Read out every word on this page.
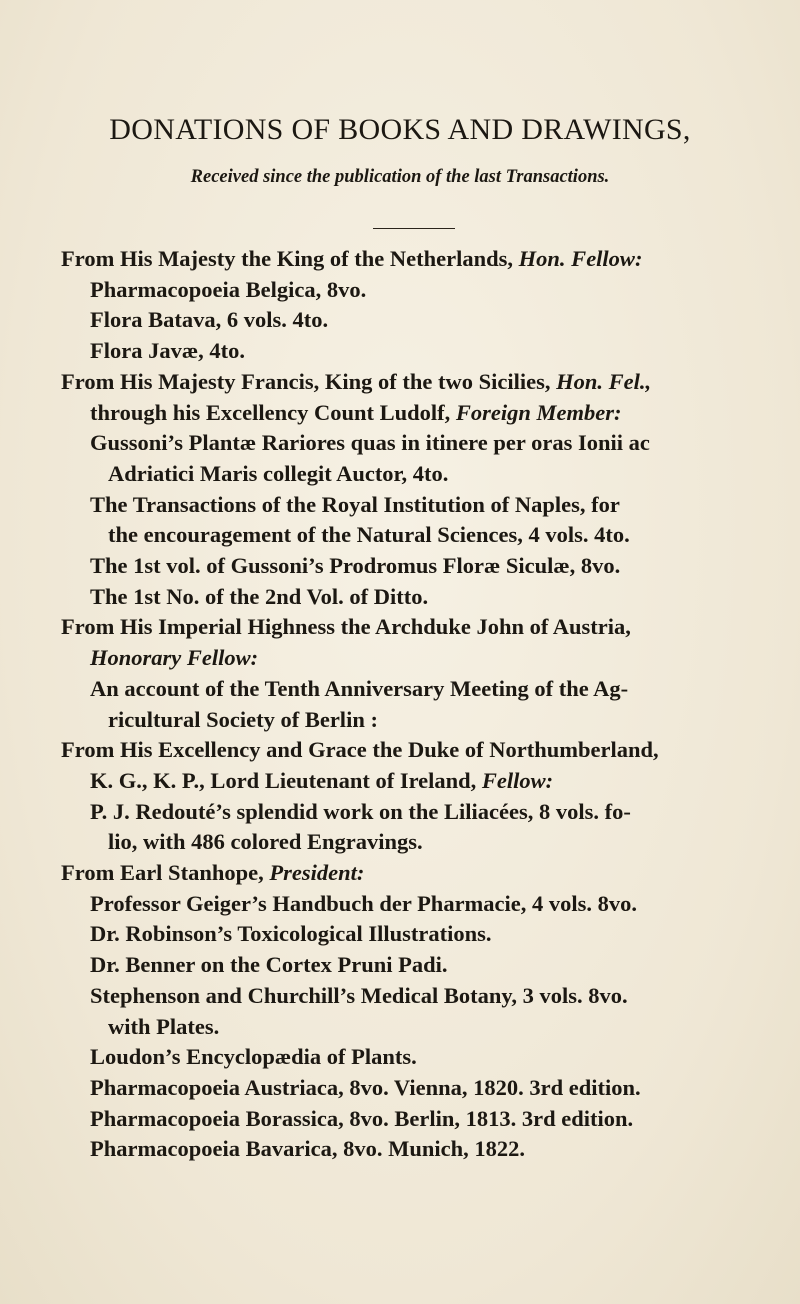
DONATIONS OF BOOKS AND DRAWINGS,

Received since the publication of the last Transactions.

From His Majesty the King of the Netherlands, Hon. Fellow:
Pharmacopoeia Belgica, 8vo.
Flora Batava, 6 vols. 4to.
Flora Javæ, 4to.
From His Majesty Francis, King of the two Sicilies, Hon. Fel.,
through his Excellency Count Ludolf, Foreign Member:
Gussoni’s Plantæ Rariores quas in itinere per oras Ionii ac
Adriatici Maris collegit Auctor, 4to.
The Transactions of the Royal Institution of Naples, for
the encouragement of the Natural Sciences, 4 vols. 4to.
The 1st vol. of Gussoni’s Prodromus Floræ Siculæ, 8vo.
The 1st No. of the 2nd Vol. of Ditto.
From His Imperial Highness the Archduke John of Austria,
Honorary Fellow:
An account of the Tenth Anniversary Meeting of the Ag-
ricultural Society of Berlin :
From His Excellency and Grace the Duke of Northumberland,
K. G., K. P., Lord Lieutenant of Ireland, Fellow:
P. J. Redouté’s splendid work on the Liliacées, 8 vols. fo-
lio, with 486 colored Engravings.
From Earl Stanhope, President:
Professor Geiger’s Handbuch der Pharmacie, 4 vols. 8vo.
Dr. Robinson’s Toxicological Illustrations.
Dr. Benner on the Cortex Pruni Padi.
Stephenson and Churchill’s Medical Botany, 3 vols. 8vo.
with Plates.
Loudon’s Encyclopædia of Plants.
Pharmacopoeia Austriaca, 8vo. Vienna, 1820. 3rd edition.
Pharmacopoeia Borassica, 8vo. Berlin, 1813. 3rd edition.
Pharmacopoeia Bavarica, 8vo. Munich, 1822.
